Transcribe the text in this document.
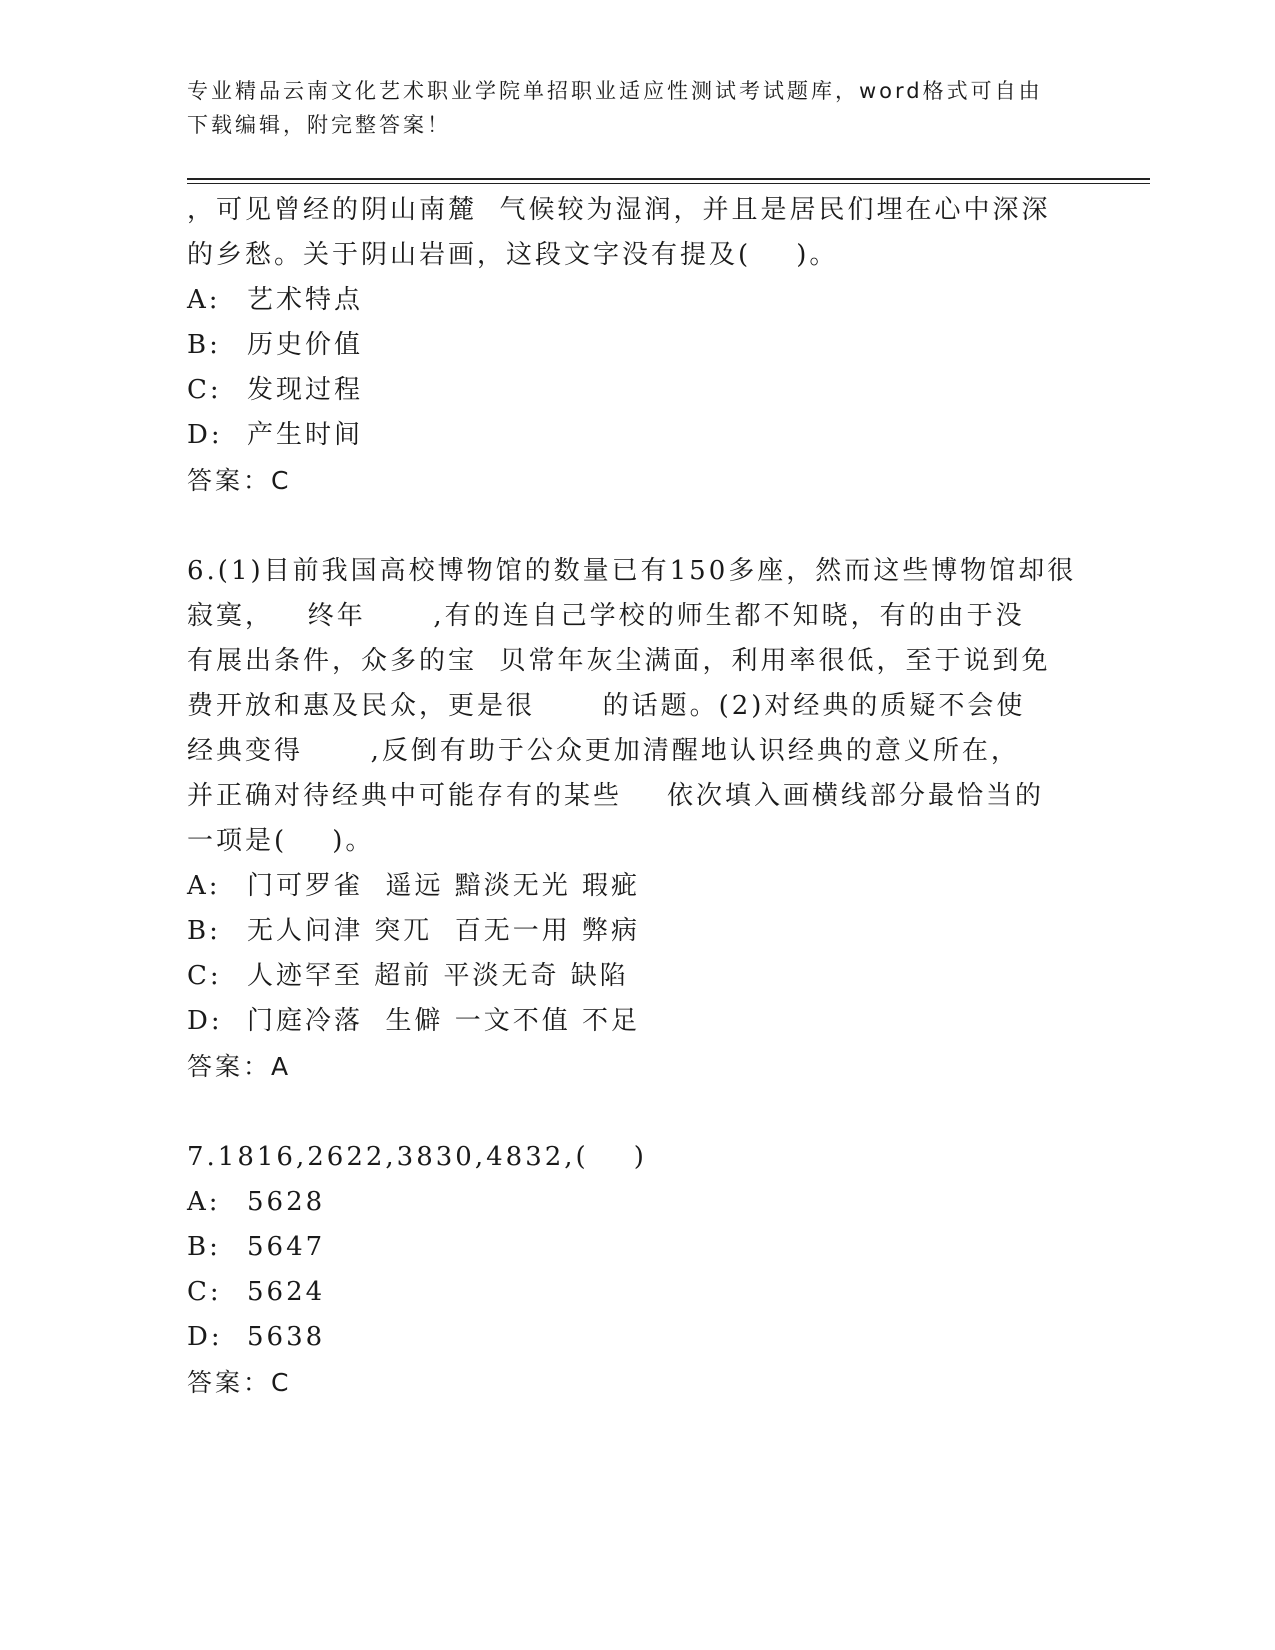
专业精品云南文化艺术职业学院单招职业适应性测试考试题库，word格式可自由
下载编辑，附完整答案！
，可见曾经的阴山南麓  气候较为湿润，并且是居民们埋在心中深深
的乡愁。关于阴山岩画，这段文字没有提及(    )。
A: 艺术特点
B: 历史价值
C: 发现过程
D: 产生时间
答案：C
6.(1)目前我国高校博物馆的数量已有150多座，然而这些博物馆却很
寂寞，   终年      ,有的连自己学校的师生都不知晓，有的由于没
有展出条件，众多的宝  贝常年灰尘满面，利用率很低，至于说到免
费开放和惠及民众，更是很      的话题。(2)对经典的质疑不会使
经典变得      ,反倒有助于公众更加清醒地认识经典的意义所在，
并正确对待经典中可能存有的某些    依次填入画横线部分最恰当的
一项是(    )。
A: 门可罗雀  遥远 黯淡无光 瑕疵
B: 无人问津 突兀  百无一用 弊病
C: 人迹罕至 超前 平淡无奇 缺陷
D: 门庭冷落  生僻 一文不值 不足
答案：A
7.1816,2622,3830,4832,(    )
A: 5628
B: 5647
C: 5624
D: 5638
答案：C
